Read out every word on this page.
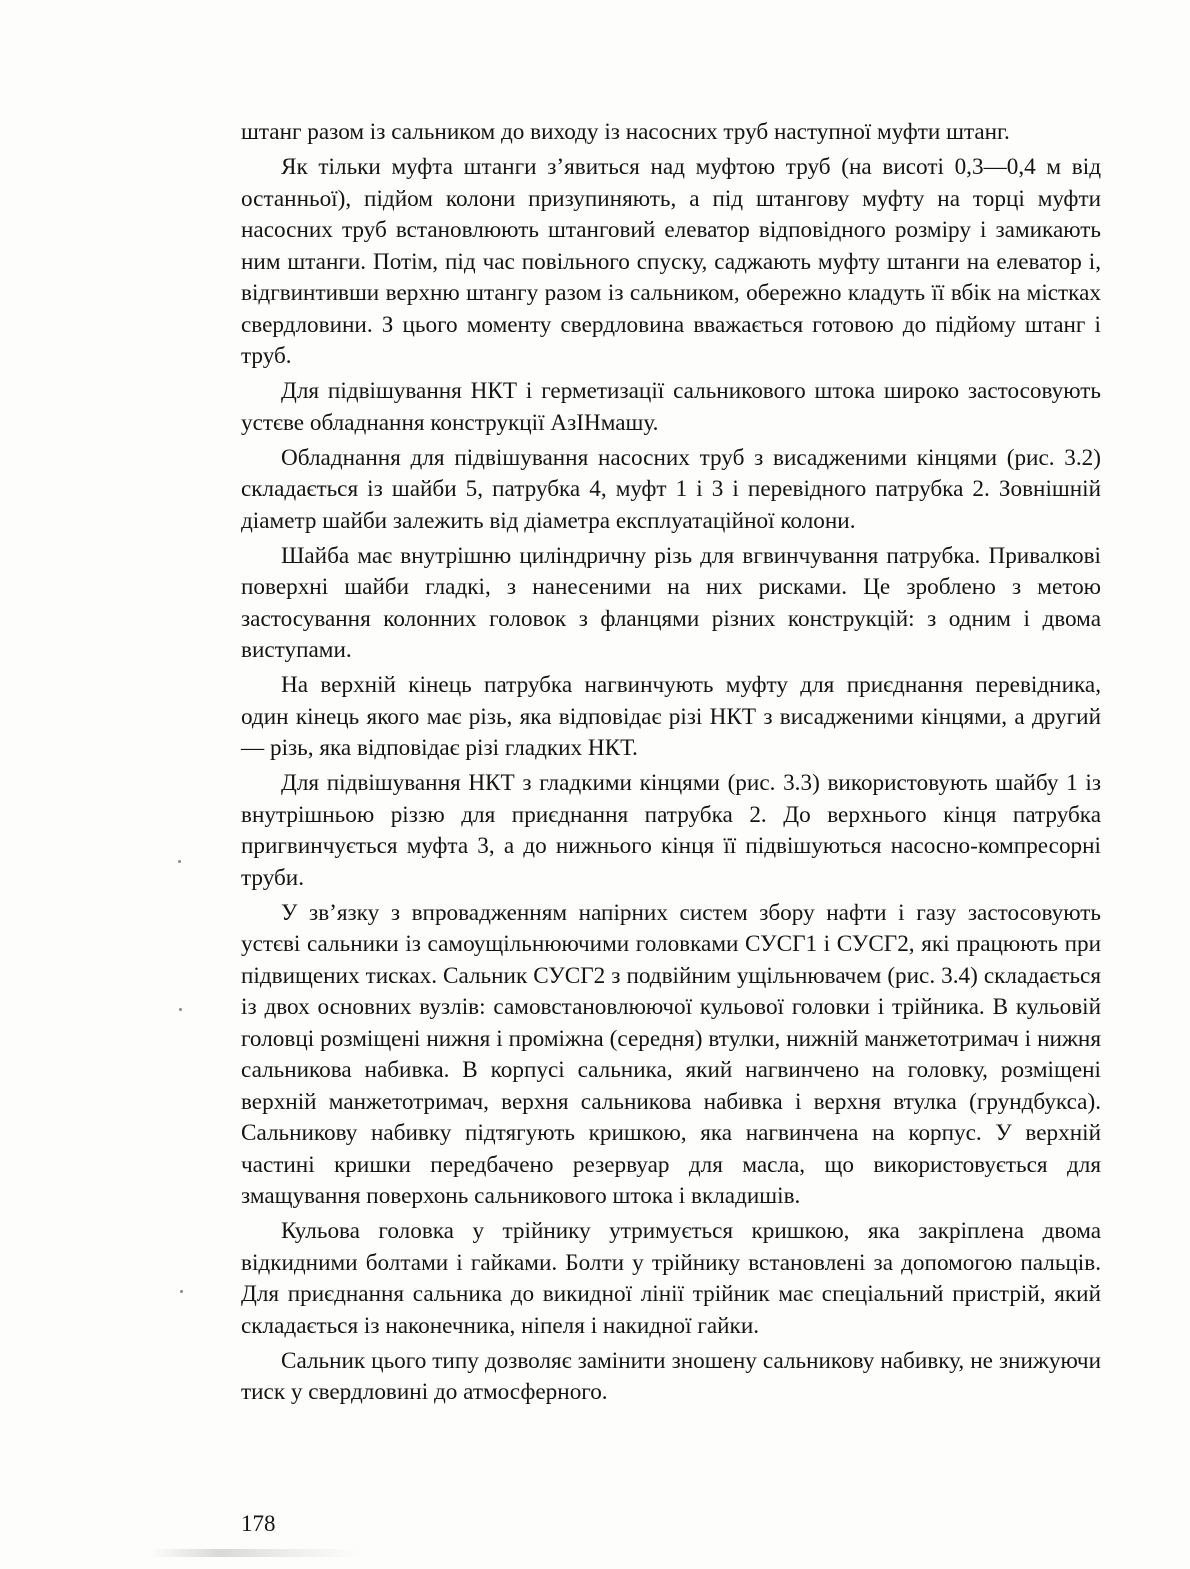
штанг разом із сальником до виходу із насосних труб наступної муфти штанг.

Як тільки муфта штанги з’явиться над муфтою труб (на висоті 0,3––0,4 м від останньої), підйом колони призупиняють, а під штангову муфту на торці муфти насосних труб встановлюють штанговий елеватор відповідного розміру і замикають ним штанги. Потім, під час повільного спуску, саджають муфту штанги на елеватор і, відгвинтивши верхню штангу разом із сальником, обережно кладуть її вбік на містках свердловини. З цього моменту свердловина вважається готовою до підйому штанг і труб.

Для підвішування НКТ і герметизації сальникового штока широко застосовують устєве обладнання конструкції АзІНмашу.

Обладнання для підвішування насосних труб з висадженими кінцями (рис. 3.2) складається із шайби 5, патрубка 4, муфт 1 і 3 і перевідного патрубка 2. Зовнішній діаметр шайби залежить від діаметра експлуатаційної колони.

Шайба має внутрішню циліндричну різь для вгвинчування патрубка. Привалкові поверхні шайби гладкі, з нанесеними на них рисками. Це зроблено з метою застосування колонних головок з фланцями різних конструкцій: з одним і двома виступами.

На верхній кінець патрубка нагвинчують муфту для приєднання перевідника, один кінець якого має різь, яка відповідає різі НКТ з висадженими кінцями, а другий — різь, яка відповідає різі гладких НКТ.

Для підвішування НКТ з гладкими кінцями (рис. 3.3) використовують шайбу 1 із внутрішньою різзю для приєднання патрубка 2. До верхнього кінця патрубка пригвинчується муфта 3, а до нижнього кінця її підвішуються насосно-компресорні труби.

У зв’язку з впровадженням напірних систем збору нафти і газу застосовують устєві сальники із самоущільнюючими головками СУСГ1 і СУСГ2, які працюють при підвищених тисках. Сальник СУСГ2 з подвійним ущільнювачем (рис. 3.4) складається із двох основних вузлів: самовстановлюючої кульової головки і трійника. В кульовій головці розміщені нижня і проміжна (середня) втулки, нижній манжетотримач і нижня сальникова набивка. В корпусі сальника, який нагвинчено на головку, розміщені верхній манжетотримач, верхня сальникова набивка і верхня втулка (грундбукса). Сальникову набивку підтягують кришкою, яка нагвинчена на корпус. У верхній частині кришки передбачено резервуар для масла, що використовується для змащування поверхонь сальникового штока і вкладишів.

Кульова головка у трійнику утримується кришкою, яка закріплена двома відкидними болтами і гайками. Болти у трійнику встановлені за допомогою пальців. Для приєднання сальника до викидної лінії трійник має спеціальний пристрій, який складається із наконечника, ніпеля і накидної гайки.

Сальник цього типу дозволяє замінити зношену сальникову набивку, не знижуючи тиск у свердловині до атмосферного.

178
